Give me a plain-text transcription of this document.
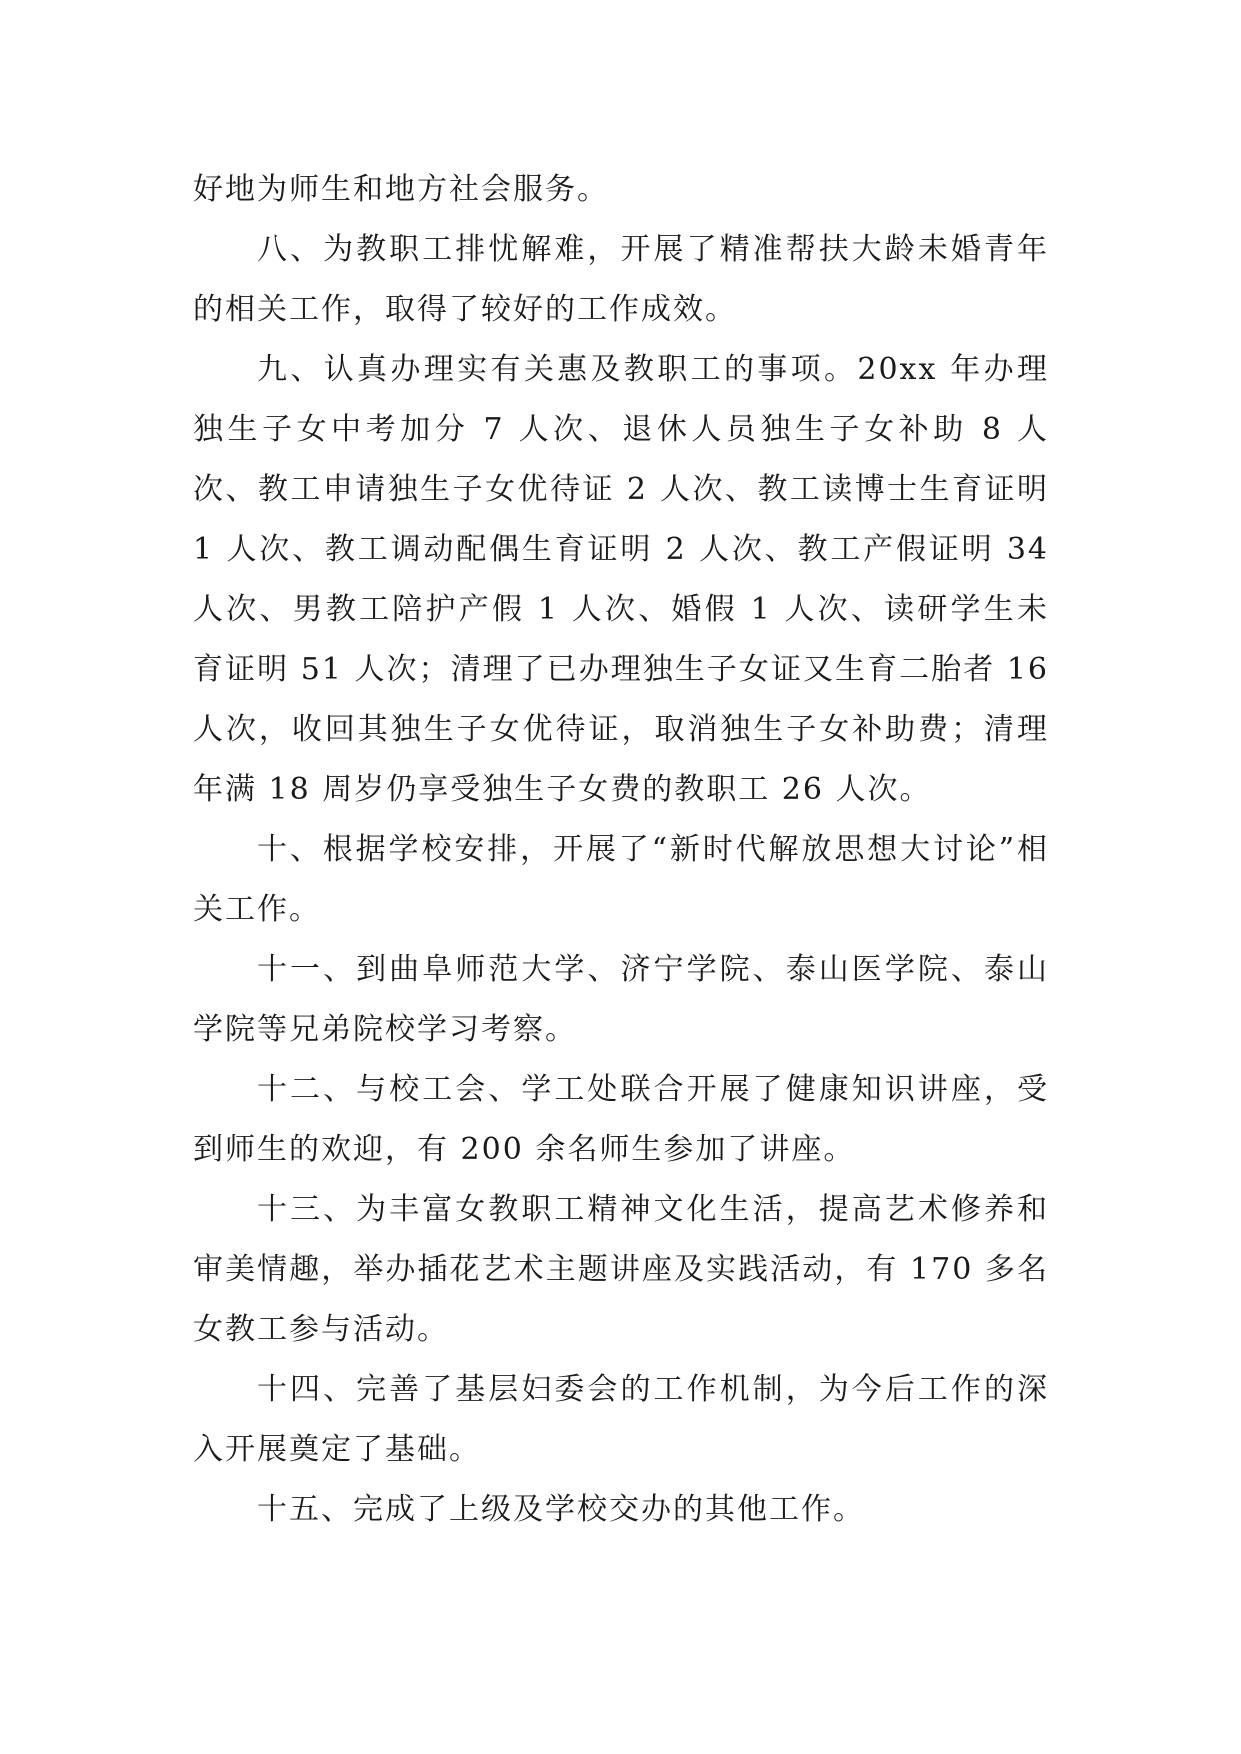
好地为师生和地方社会服务。

八、为教职工排忧解难，开展了精准帮扶大龄未婚青年的相关工作，取得了较好的工作成效。

九、认真办理实有关惠及教职工的事项。20xx 年办理独生子女中考加分 7 人次、退休人员独生子女补助 8 人次、教工申请独生子女优待证 2 人次、教工读博士生育证明 1 人次、教工调动配偶生育证明 2 人次、教工产假证明 34 人次、男教工陪护产假 1 人次、婚假 1 人次、读研学生未育证明 51 人次；清理了已办理独生子女证又生育二胎者 16 人次，收回其独生子女优待证，取消独生子女补助费；清理年满 18 周岁仍享受独生子女费的教职工 26 人次。

十、根据学校安排，开展了“新时代解放思想大讨论”相关工作。

十一、到曲阜师范大学、济宁学院、泰山医学院、泰山学院等兄弟院校学习考察。

十二、与校工会、学工处联合开展了健康知识讲座，受到师生的欢迎，有 200 余名师生参加了讲座。

十三、为丰富女教职工精神文化生活，提高艺术修养和审美情趣，举办插花艺术主题讲座及实践活动，有 170 多名女教工参与活动。

十四、完善了基层妇委会的工作机制，为今后工作的深入开展奠定了基础。

十五、完成了上级及学校交办的其他工作。
